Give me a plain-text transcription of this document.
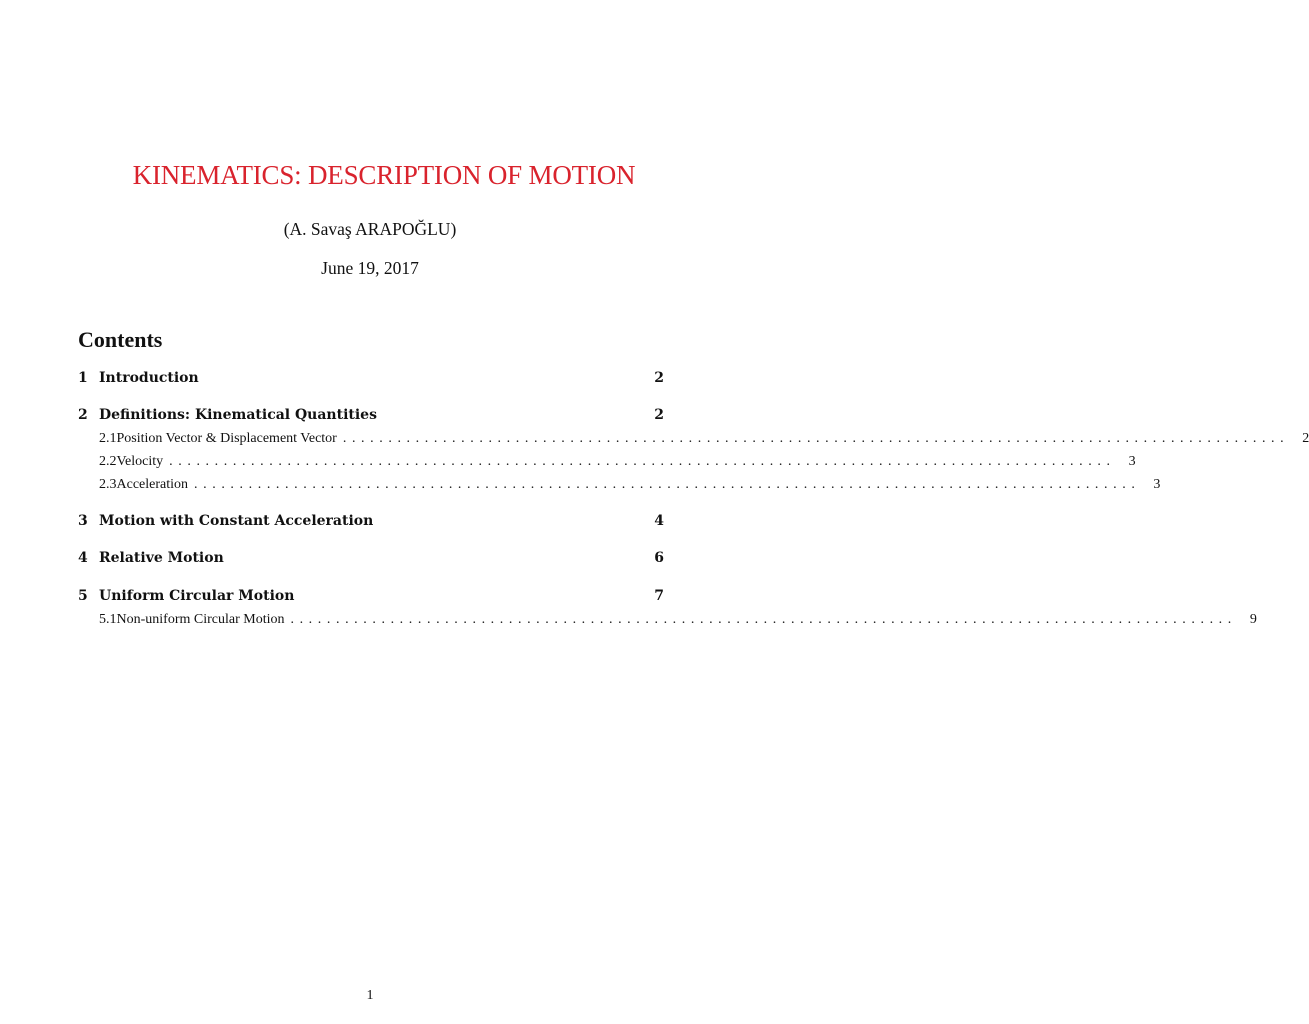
KINEMATICS: DESCRIPTION OF MOTION
(A. Savaş ARAPOĞLU)
June 19, 2017
Contents
1 Introduction	2
2 Definitions: Kinematical Quantities	2
2.1 Position Vector & Displacement Vector ........................................................................................................ 2
2.2 Velocity ........................................................................................................ 3
2.3 Acceleration ........................................................................................................ 3
3 Motion with Constant Acceleration	4
4 Relative Motion	6
5 Uniform Circular Motion	7
5.1 Non-uniform Circular Motion ........................................................................................................ 9
1
